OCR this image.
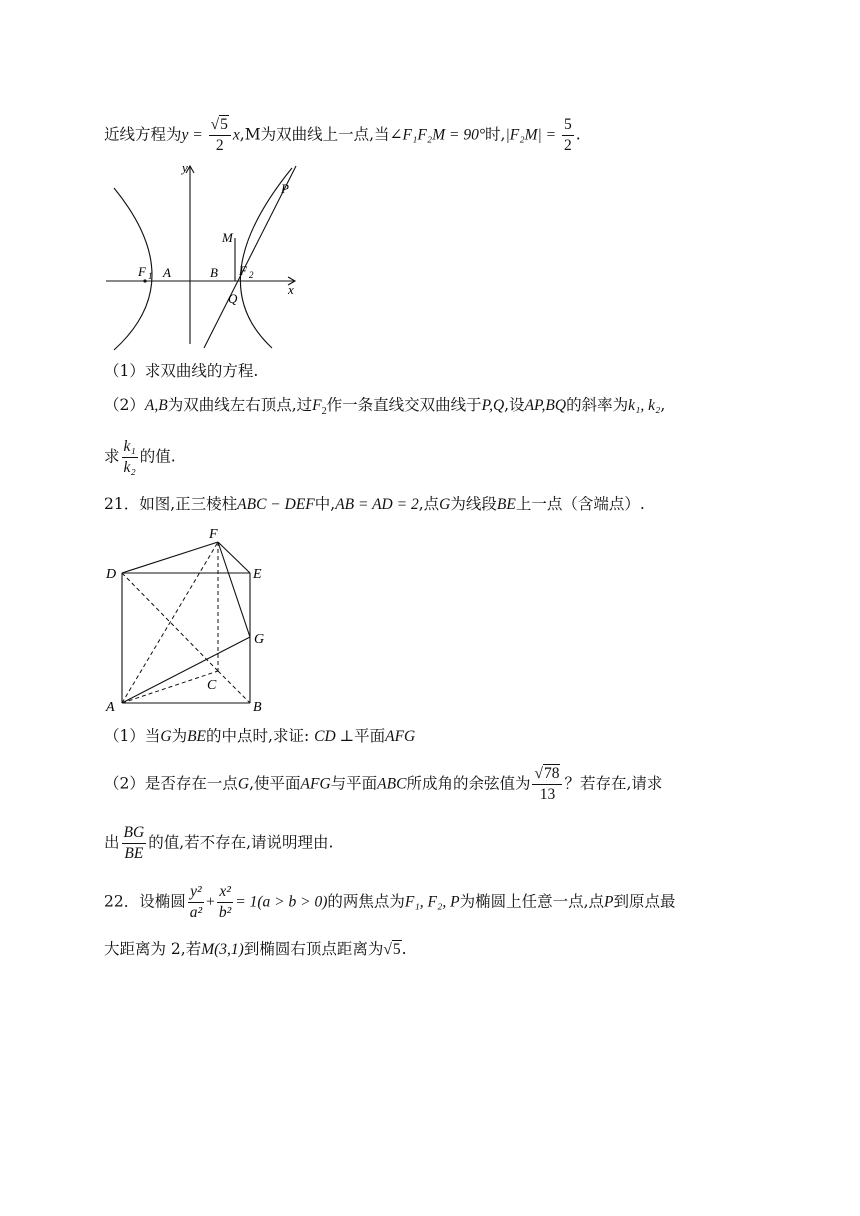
近线方程为$y = \frac{√5}{2} x,M$为双曲线上一点,当∠F₁F₂M = 90°时$,|F_2M| = \frac{5}{2}$ .
y
x
P
M
F 1 A	B F 2
Q
（1）求双曲线的方程.
（2）A,B为双曲线左右顶点,过$F_2$作一条直线交双曲线于P,Q,设AP,BQ的斜率为k₁, k₂,
求 $\frac{\text{k₁}}{\text{k₂}}$ 的值.
21．如图,正三棱柱ABC − DEF中,AB = AD = 2,点G为线段BE上一点（含端点）.
F
D	E
G
C
A	B
（1）当G为BE的中点时,求证: CD ⊥平面AFG
（2）是否存在一点G,使平面AFG与平面ABC所成角的余弦值为 $\frac{√78}{13}$ ？若存在,请求
出 $\frac{BG}{BE}$ 的值,若不存在,请说明理由.
22．设椭圆 $\frac{\text{y²}}{\text{a²}} + \frac{\text{x²}}{\text{b²}} = 1(a > b > 0)$的两焦点为F₁, F₂, P为椭圆上任意一点,点P到原点最
大距离为 2,若M(3,1)到椭圆右顶点距离为√5.
